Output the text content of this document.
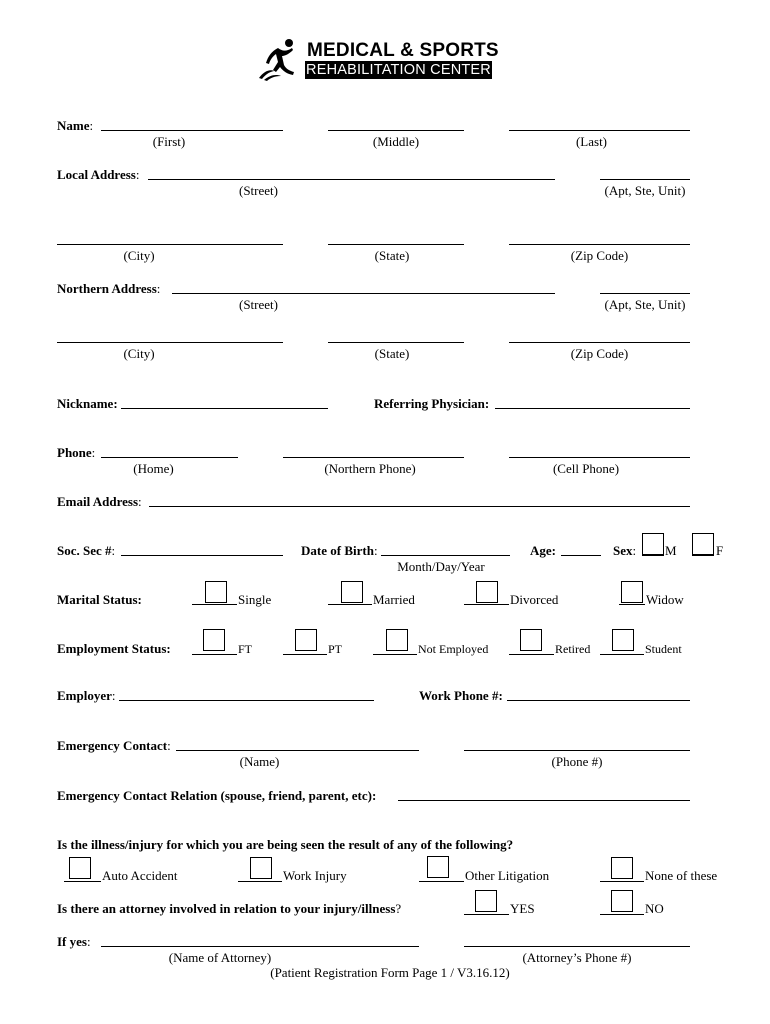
MEDICAL & SPORTS
REHABILITATION CENTER
Name:
(First)	(Middle)	(Last)
Local Address:
(Street)	(Apt, Ste, Unit)
(City)	(State)	(Zip Code)
Northern Address:
(Street)	(Apt, Ste, Unit)
(City)	(State)	(Zip Code)
Nickname:	Referring Physician:
Phone:
(Home)	(Northern Phone)	(Cell Phone)
Email Address:
Soc. Sec #:	Date of Birth:
Month/Day/Year
Age:	Sex: M	F
Marital Status:	Single	Married	Divorced	Widow
Employment Status:	FT	PT	Not Employed	Retired	Student
Employer:	Work Phone #:
Emergency Contact:
(Name)	(Phone #)
Emergency Contact Relation (spouse, friend, parent, etc):
Is the illness/injury for which you are being seen the result of any of the following?
Auto Accident	Work Injury	Other Litigation	None of these
Is there an attorney involved in relation to your injury/illness?	YES	NO
If yes:
(Name of Attorney)	(Attorney’s Phone #)
(Patient Registration Form Page 1 / V3.16.12)
